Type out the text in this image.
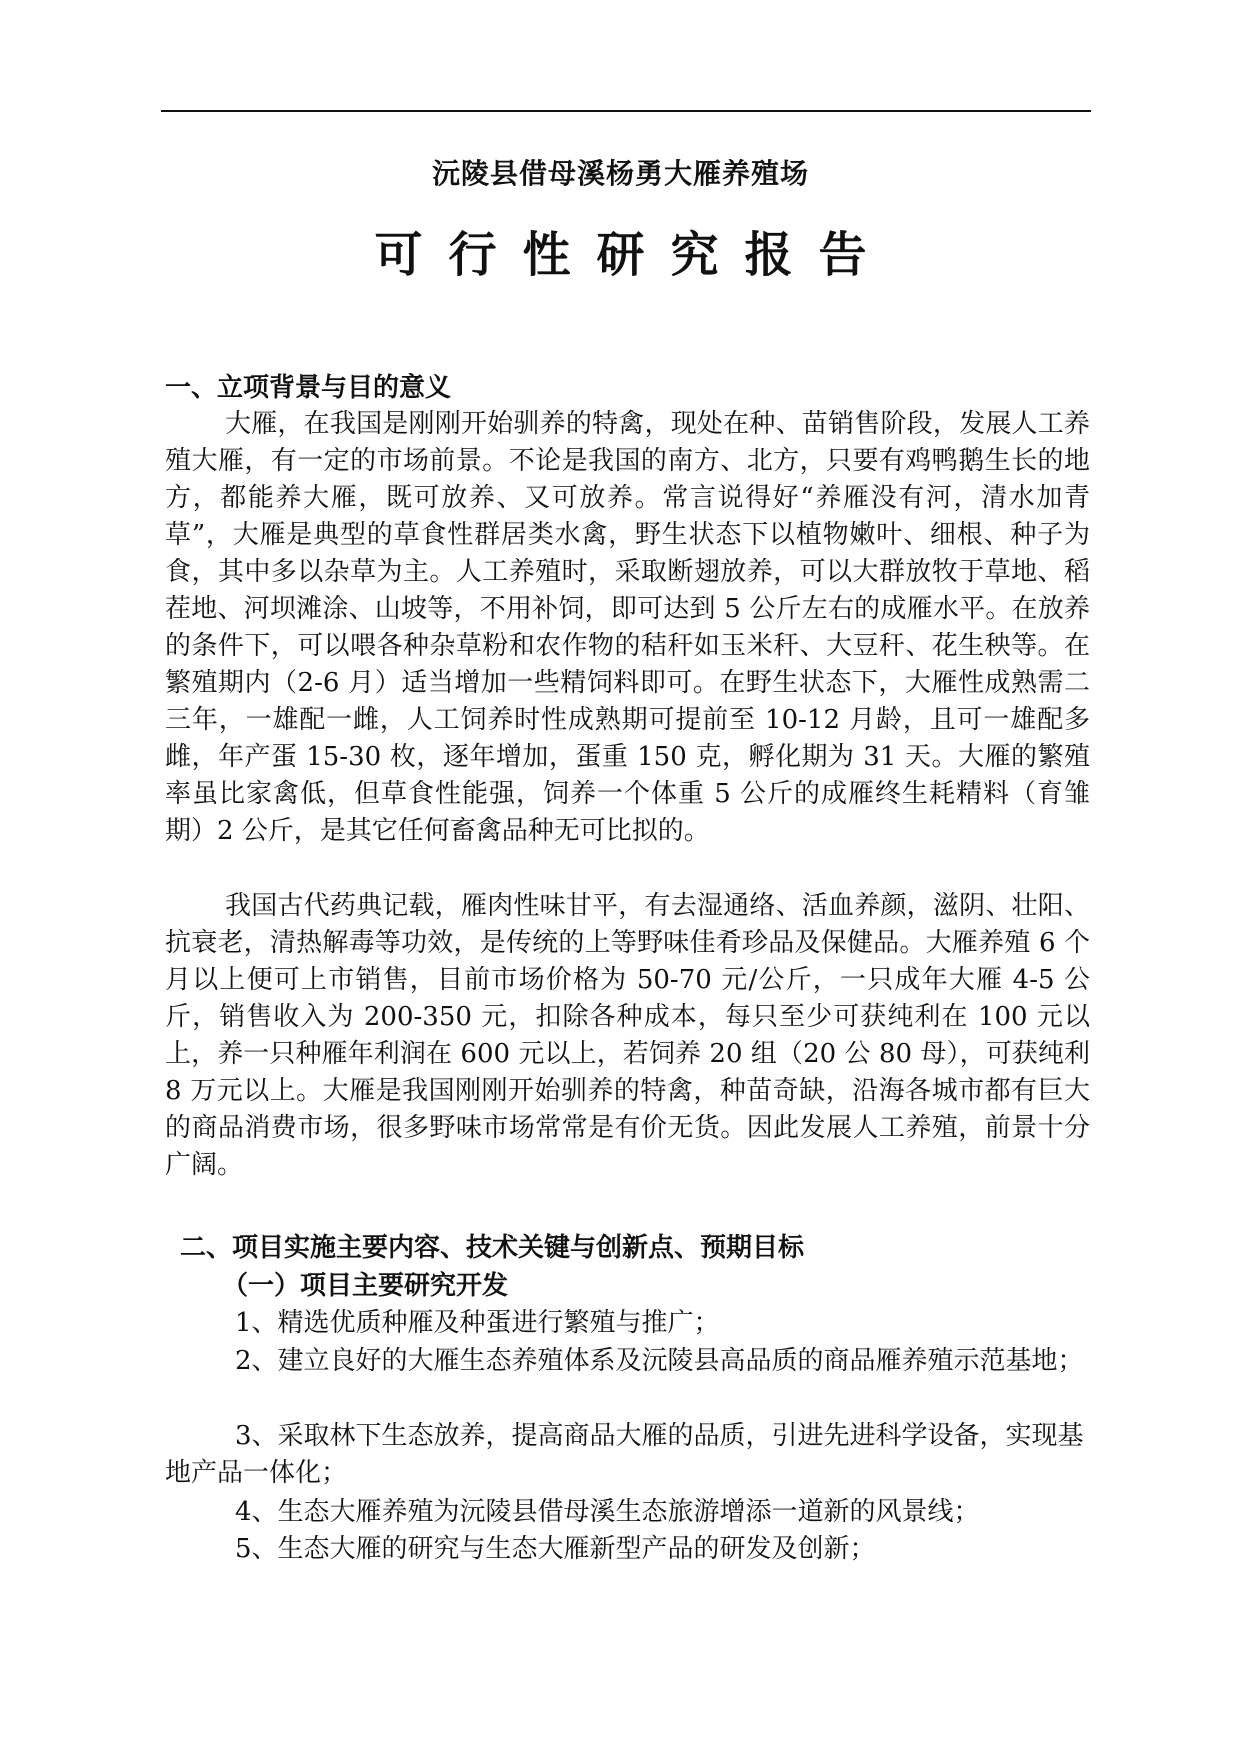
沅陵县借母溪杨勇大雁养殖场
可行性研究报告
一、立项背景与目的意义
大雁，在我国是刚刚开始驯养的特禽，现处在种、苗销售阶段，发展人工养殖大雁，有一定的市场前景。不论是我国的南方、北方，只要有鸡鸭鹅生长的地方，都能养大雁，既可放养、又可放养。常言说得好“养雁没有河，清水加青草”，大雁是典型的草食性群居类水禽，野生状态下以植物嫩叶、细根、种子为食，其中多以杂草为主。人工养殖时，采取断翅放养，可以大群放牧于草地、稻茬地、河坝滩涂、山坡等，不用补饲，即可达到 5 公斤左右的成雁水平。在放养的条件下，可以喂各种杂草粉和农作物的秸秆如玉米秆、大豆秆、花生秧等。在繁殖期内（2-6 月）适当增加一些精饲料即可。在野生状态下，大雁性成熟需二三年，一雄配一雌，人工饲养时性成熟期可提前至 10-12 月龄，且可一雄配多雌，年产蛋 15-30 枚，逐年增加，蛋重 150 克，孵化期为 31 天。大雁的繁殖率虽比家禽低，但草食性能强，饲养一个体重 5 公斤的成雁终生耗精料（育雏期）2 公斤，是其它任何畜禽品种无可比拟的。
我国古代药典记载，雁肉性味甘平，有去湿通络、活血养颜，滋阴、壮阳、抗衰老，清热解毒等功效，是传统的上等野味佳肴珍品及保健品。大雁养殖 6 个月以上便可上市销售，目前市场价格为 50-70 元/公斤，一只成年大雁 4-5 公斤，销售收入为 200-350 元，扣除各种成本，每只至少可获纯利在 100 元以上，养一只种雁年利润在 600 元以上，若饲养 20 组（20 公 80 母），可获纯利 8 万元以上。大雁是我国刚刚开始驯养的特禽，种苗奇缺，沿海各城市都有巨大的商品消费市场，很多野味市场常常是有价无货。因此发展人工养殖，前景十分广阔。
二、项目实施主要内容、技术关键与创新点、预期目标
（一）项目主要研究开发
1、精选优质种雁及种蛋进行繁殖与推广；
2、建立良好的大雁生态养殖体系及沅陵县高品质的商品雁养殖示范基地；
3、采取林下生态放养，提高商品大雁的品质，引进先进科学设备，实现基地产品一体化；
4、生态大雁养殖为沅陵县借母溪生态旅游增添一道新的风景线；
5、生态大雁的研究与生态大雁新型产品的研发及创新；
